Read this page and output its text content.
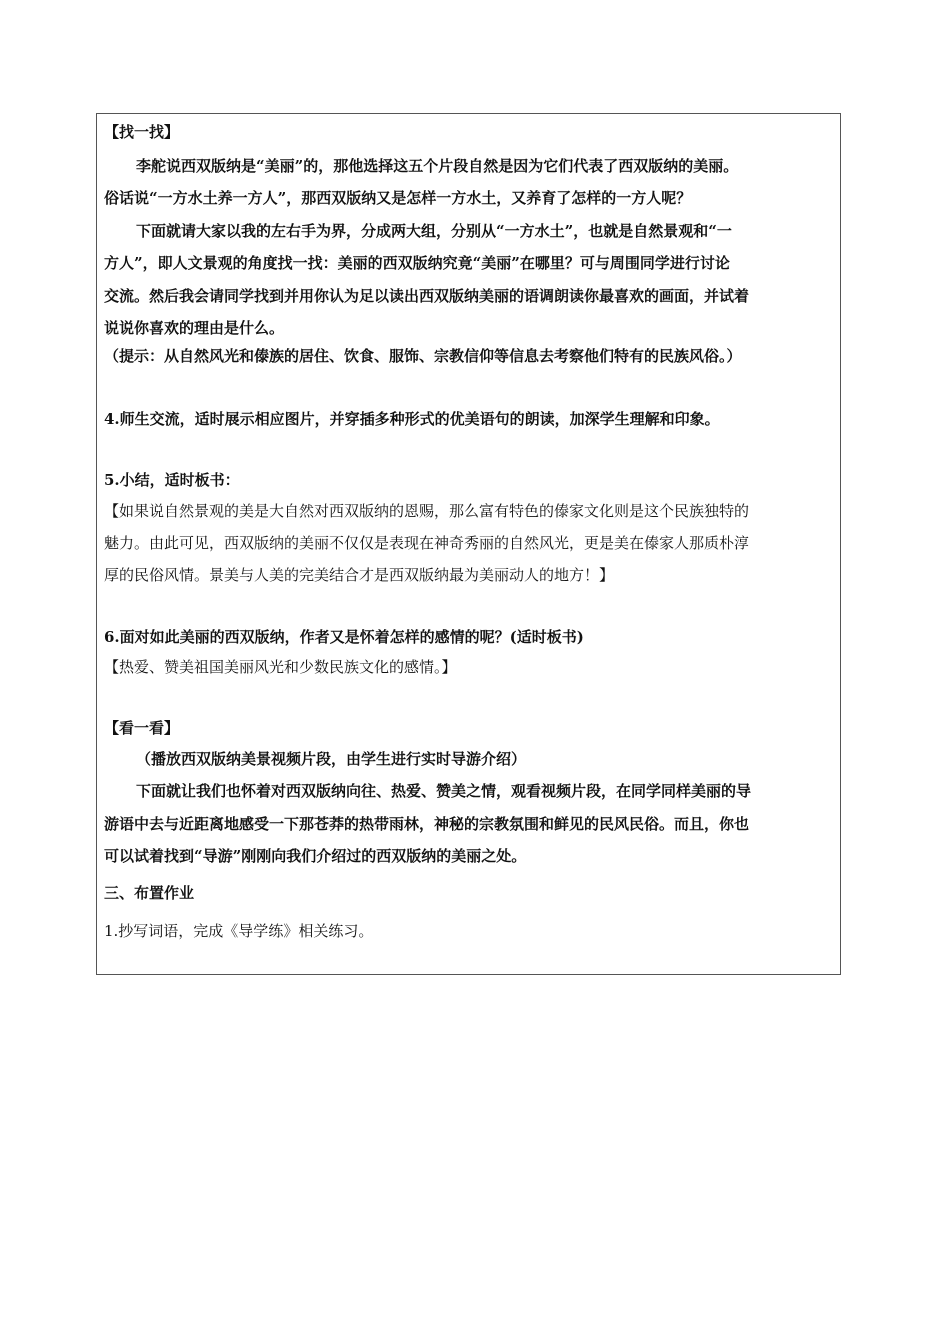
【找一找】
李舵说西双版纳是“美丽”的，那他选择这五个片段自然是因为它们代表了西双版纳的美丽。
俗话说“一方水土养一方人”，那西双版纳又是怎样一方水土，又养育了怎样的一方人呢？
下面就请大家以我的左右手为界，分成两大组，分别从“一方水土”，也就是自然景观和“一
方人”，即人文景观的角度找一找：美丽的西双版纳究竟“美丽”在哪里？可与周围同学进行讨论
交流。然后我会请同学找到并用你认为足以读出西双版纳美丽的语调朗读你最喜欢的画面，并试着
说说你喜欢的理由是什么。
（提示：从自然风光和傣族的居住、饮食、服饰、宗教信仰等信息去考察他们特有的民族风俗。）
4.师生交流，适时展示相应图片，并穿插多种形式的优美语句的朗读，加深学生理解和印象。
5.小结，适时板书：
【如果说自然景观的美是大自然对西双版纳的恩赐，那么富有特色的傣家文化则是这个民族独特的
魅力。由此可见，西双版纳的美丽不仅仅是表现在神奇秀丽的自然风光，更是美在傣家人那质朴淳
厚的民俗风情。景美与人美的完美结合才是西双版纳最为美丽动人的地方！】
6.面对如此美丽的西双版纳，作者又是怀着怎样的感情的呢？(适时板书)
【热爱、赞美祖国美丽风光和少数民族文化的感情。】
【看一看】
（播放西双版纳美景视频片段，由学生进行实时导游介绍）
下面就让我们也怀着对西双版纳向往、热爱、赞美之情，观看视频片段，在同学同样美丽的导
游语中去与近距离地感受一下那苍莽的热带雨林，神秘的宗教氛围和鲜见的民风民俗。而且，你也
可以试着找到“导游”刚刚向我们介绍过的西双版纳的美丽之处。
三、布置作业
1.抄写词语，完成《导学练》相关练习。
